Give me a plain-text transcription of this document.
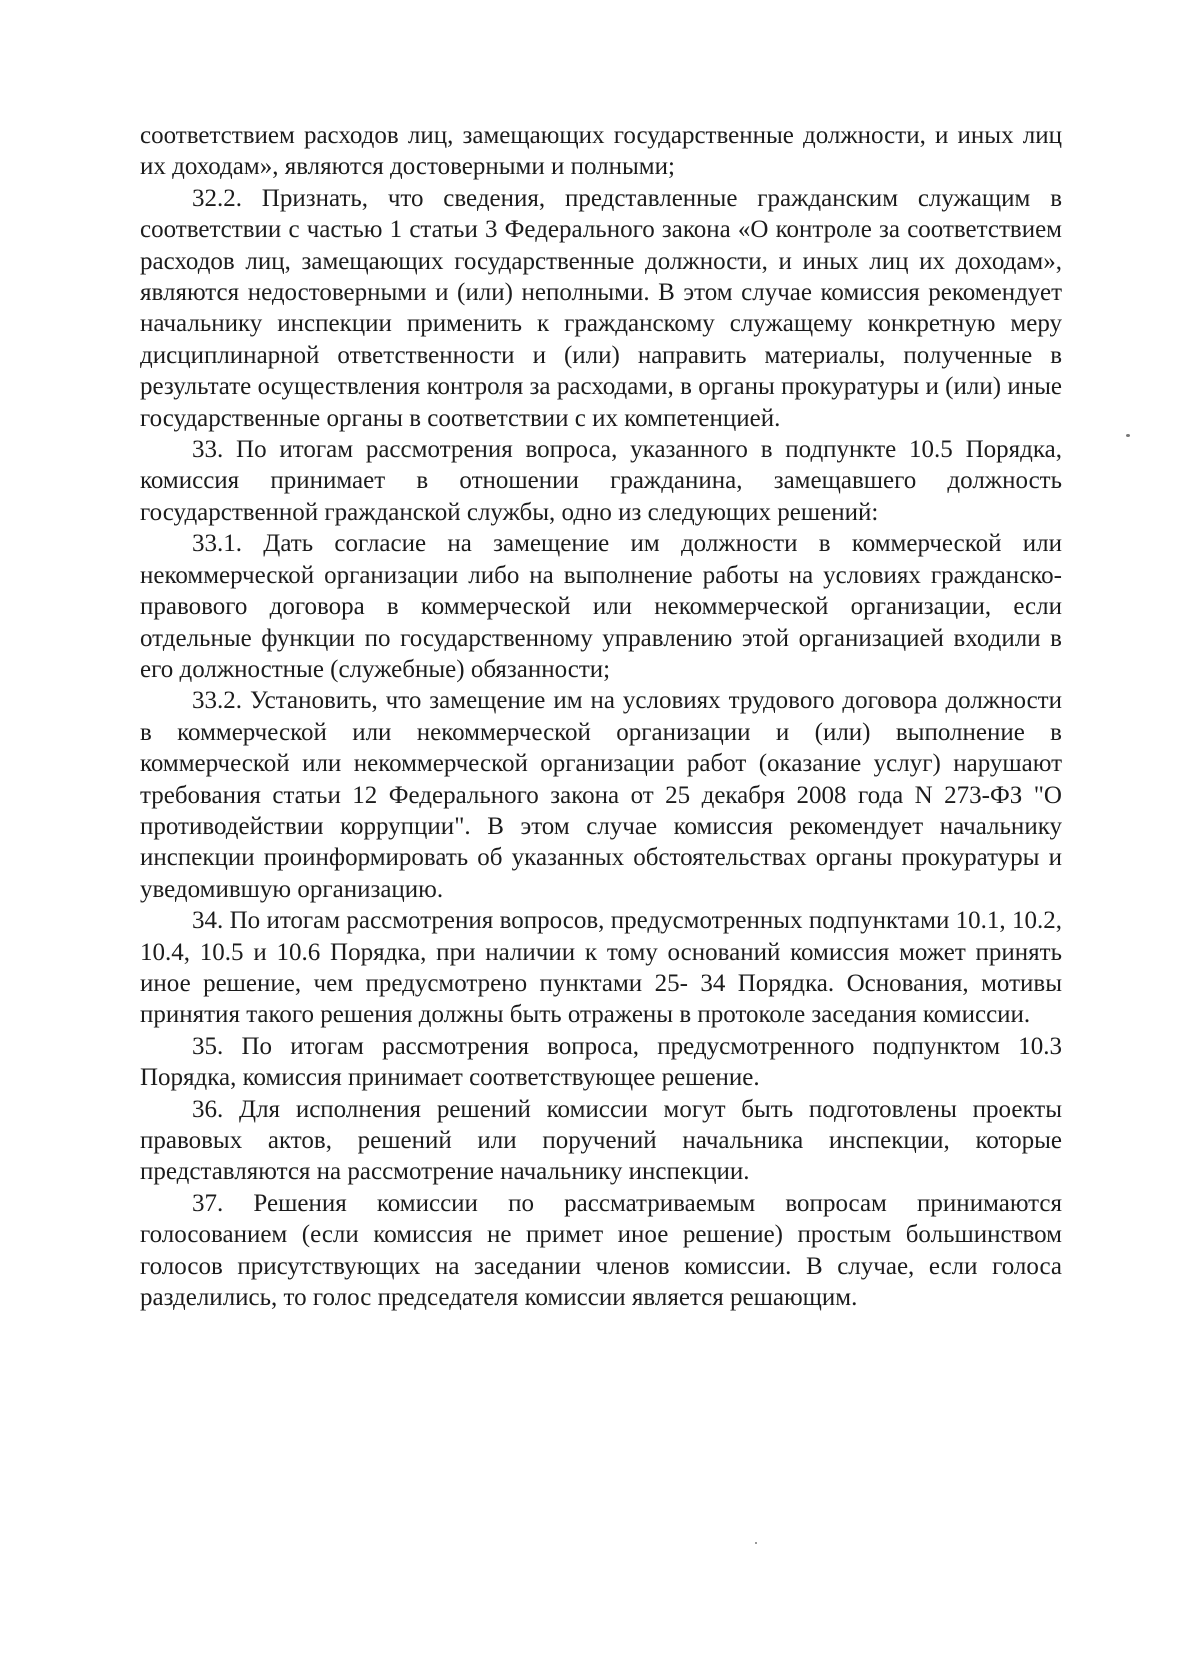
соответствием расходов лиц, замещающих государственные должности, и иных лиц их доходам», являются достоверными и полными;

32.2. Признать, что сведения, представленные гражданским служащим в соответствии с частью 1 статьи 3 Федерального закона «О контроле за соответствием расходов лиц, замещающих государственные должности, и иных лиц их доходам», являются недостоверными и (или) неполными. В этом случае комиссия рекомендует начальнику инспекции применить к гражданскому служащему конкретную меру дисциплинарной ответственности и (или) направить материалы, полученные в результате осуществления контроля за расходами, в органы прокуратуры и (или) иные государственные органы в соответствии с их компетенцией.

33. По итогам рассмотрения вопроса, указанного в подпункте 10.5 Порядка, комиссия принимает в отношении гражданина, замещавшего должность государственной гражданской службы, одно из следующих решений:

33.1. Дать согласие на замещение им должности в коммерческой или некоммерческой организации либо на выполнение работы на условиях гражданско-правового договора в коммерческой или некоммерческой организации, если отдельные функции по государственному управлению этой организацией входили в его должностные (служебные) обязанности;

33.2. Установить, что замещение им на условиях трудового договора должности в коммерческой или некоммерческой организации и (или) выполнение в коммерческой или некоммерческой организации работ (оказание услуг) нарушают требования статьи 12 Федерального закона от 25 декабря 2008 года N 273-ФЗ "О противодействии коррупции". В этом случае комиссия рекомендует начальнику инспекции проинформировать об указанных обстоятельствах органы прокуратуры и уведомившую организацию.

34. По итогам рассмотрения вопросов, предусмотренных подпунктами 10.1, 10.2, 10.4, 10.5 и 10.6 Порядка, при наличии к тому оснований комиссия может принять иное решение, чем предусмотрено пунктами 25- 34 Порядка. Основания, мотивы принятия такого решения должны быть отражены в протоколе заседания комиссии.

35. По итогам рассмотрения вопроса, предусмотренного подпунктом 10.3 Порядка, комиссия принимает соответствующее решение.

36. Для исполнения решений комиссии могут быть подготовлены проекты правовых актов, решений или поручений начальника инспекции, которые представляются на рассмотрение начальнику инспекции.

37. Решения комиссии по рассматриваемым вопросам принимаются голосованием (если комиссия не примет иное решение) простым большинством голосов присутствующих на заседании членов комиссии. В случае, если голоса разделились, то голос председателя комиссии является решающим.
